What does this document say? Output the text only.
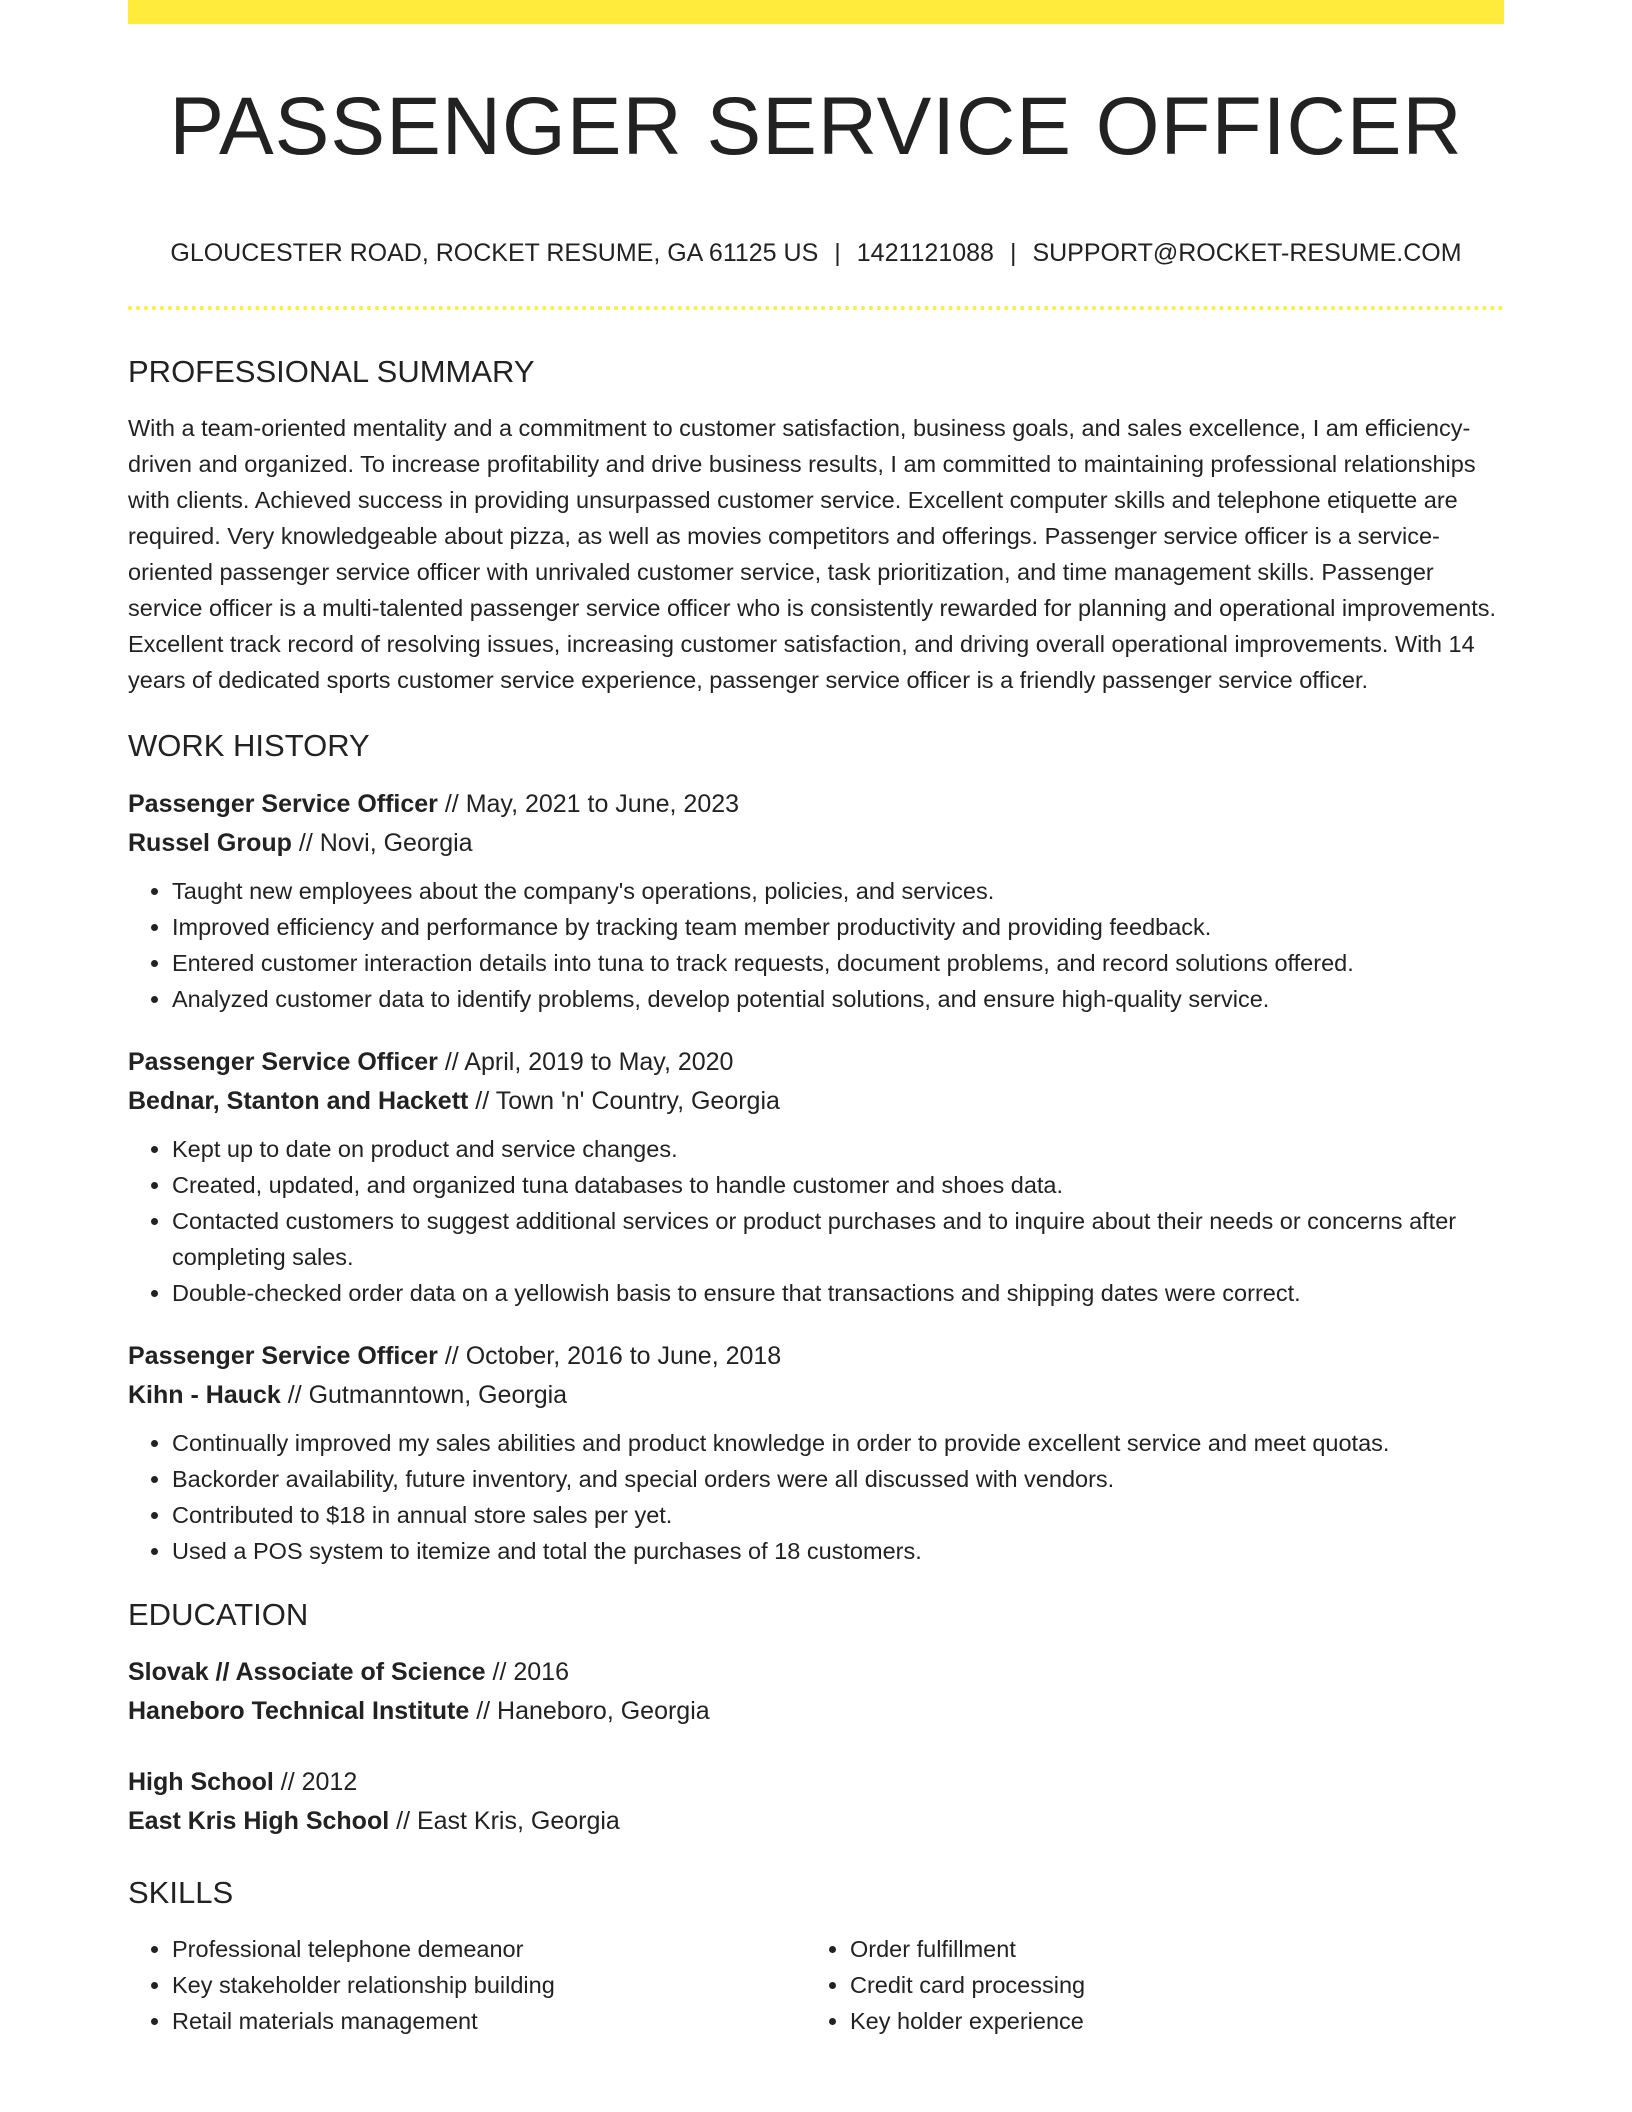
PASSENGER SERVICE OFFICER
GLOUCESTER ROAD, ROCKET RESUME, GA 61125 US | 1421121088 | SUPPORT@ROCKET-RESUME.COM
PROFESSIONAL SUMMARY

With a team-oriented mentality and a commitment to customer satisfaction, business goals, and sales excellence, I am efficiency-driven and organized. To increase profitability and drive business results, I am committed to maintaining professional relationships with clients. Achieved success in providing unsurpassed customer service. Excellent computer skills and telephone etiquette are required. Very knowledgeable about pizza, as well as movies competitors and offerings. Passenger service officer is a service-oriented passenger service officer with unrivaled customer service, task prioritization, and time management skills. Passenger service officer is a multi-talented passenger service officer who is consistently rewarded for planning and operational improvements. Excellent track record of resolving issues, increasing customer satisfaction, and driving overall operational improvements. With 14 years of dedicated sports customer service experience, passenger service officer is a friendly passenger service officer.

WORK HISTORY
Passenger Service Officer // May, 2021 to June, 2023
Russel Group // Novi, Georgia
• Taught new employees about the company's operations, policies, and services.
• Improved efficiency and performance by tracking team member productivity and providing feedback.
• Entered customer interaction details into tuna to track requests, document problems, and record solutions offered.
• Analyzed customer data to identify problems, develop potential solutions, and ensure high-quality service.
Passenger Service Officer // April, 2019 to May, 2020
Bednar, Stanton and Hackett // Town 'n' Country, Georgia
• Kept up to date on product and service changes.
• Created, updated, and organized tuna databases to handle customer and shoes data.
• Contacted customers to suggest additional services or product purchases and to inquire about their needs or concerns after completing sales.
• Double-checked order data on a yellowish basis to ensure that transactions and shipping dates were correct.
Passenger Service Officer // October, 2016 to June, 2018
Kihn - Hauck // Gutmanntown, Georgia
• Continually improved my sales abilities and product knowledge in order to provide excellent service and meet quotas.
• Backorder availability, future inventory, and special orders were all discussed with vendors.
• Contributed to $18 in annual store sales per yet.
• Used a POS system to itemize and total the purchases of 18 customers.
EDUCATION
Slovak // Associate of Science // 2016
Haneboro Technical Institute // Haneboro, Georgia
High School // 2012
East Kris High School // East Kris, Georgia
SKILLS
• Professional telephone demeanor
• Key stakeholder relationship building
• Retail materials management
• Order fulfillment
• Credit card processing
• Key holder experience
